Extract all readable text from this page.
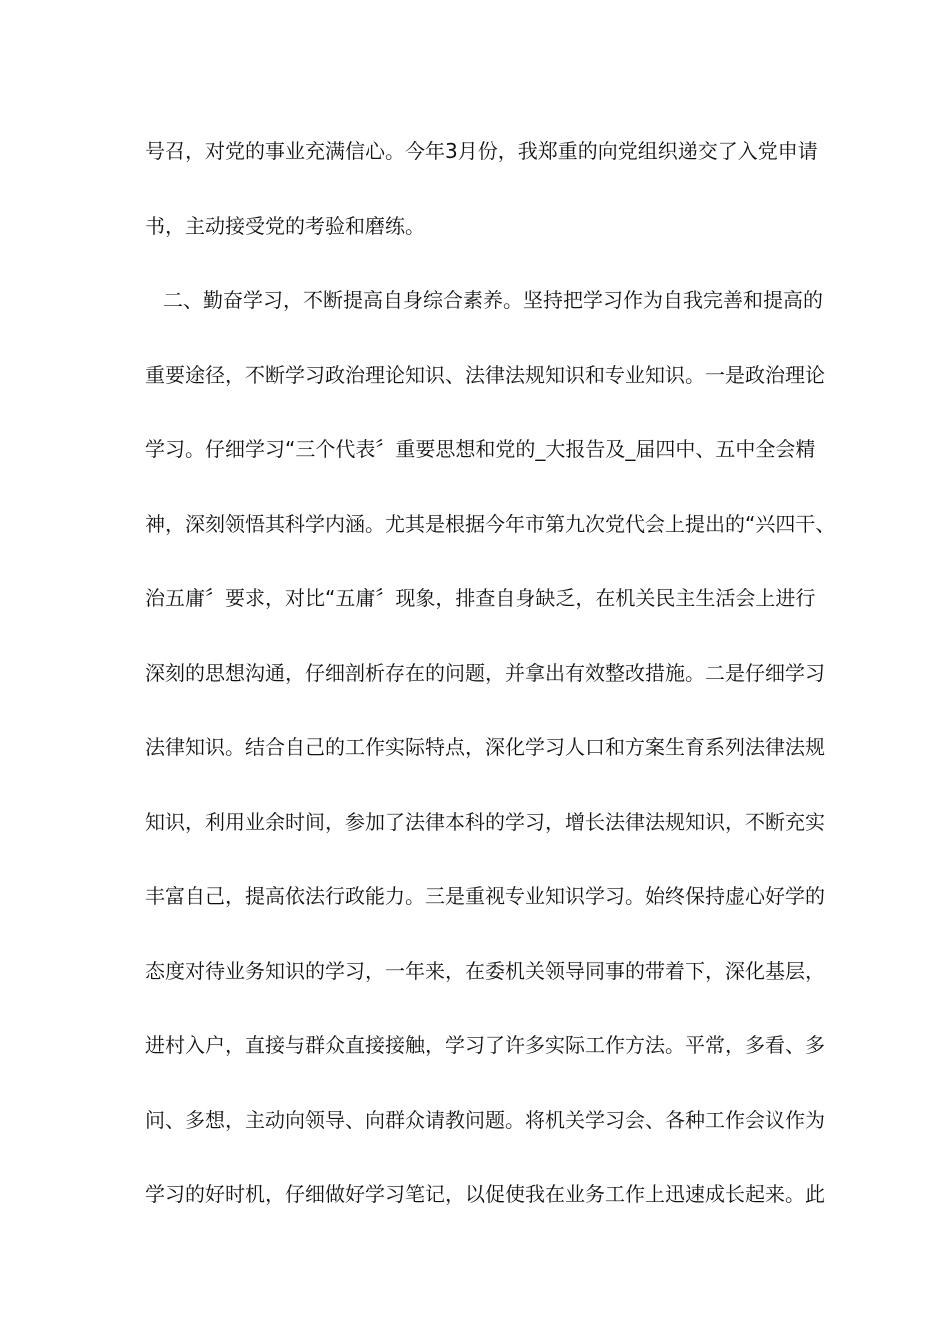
号召，对党的事业充满信心。今年3月份，我郑重的向党组织递交了入党申请
书，主动接受党的考验和磨练。
二、勤奋学习，不断提高自身综合素养。坚持把学习作为自我完善和提高的
重要途径，不断学习政治理论知识、法律法规知识和专业知识。一是政治理论
学习。仔细学习“三个代表〞重要思想和党的_大报告及_届四中、五中全会精
神，深刻领悟其科学内涵。尤其是根据今年市第九次党代会上提出的“兴四干、
治五庸〞要求，对比“五庸〞现象，排查自身缺乏，在机关民主生活会上进行
深刻的思想沟通，仔细剖析存在的问题，并拿出有效整改措施。二是仔细学习
法律知识。结合自己的工作实际特点，深化学习人口和方案生育系列法律法规
知识，利用业余时间，参加了法律本科的学习，增长法律法规知识，不断充实
丰富自己，提高依法行政能力。三是重视专业知识学习。始终保持虚心好学的
态度对待业务知识的学习，一年来，在委机关领导同事的带着下，深化基层，
进村入户，直接与群众直接接触，学习了许多实际工作方法。平常，多看、多
问、多想，主动向领导、向群众请教问题。将机关学习会、各种工作会议作为
学习的好时机，仔细做好学习笔记，以促使我在业务工作上迅速成长起来。此
